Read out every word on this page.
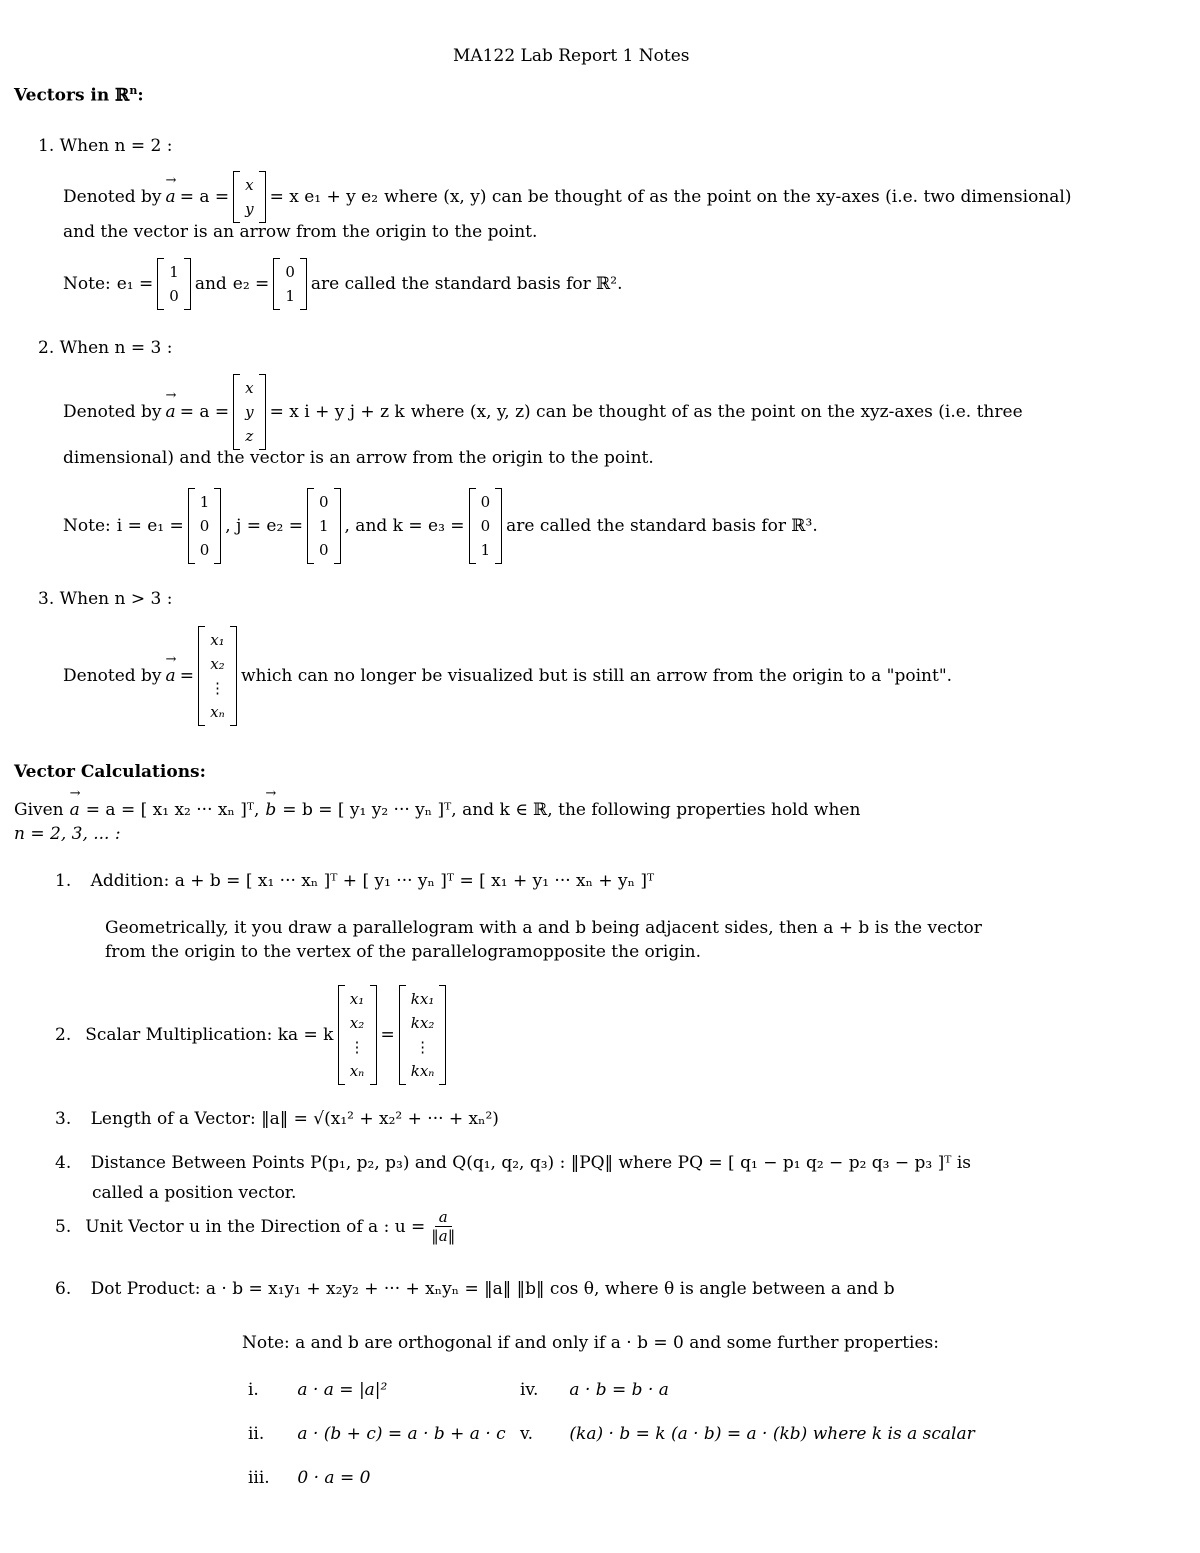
MA122 Lab Report 1 Notes
Vectors in ℝ$^n$:
1. When n = 2 :
Denoted by a → = a =
x
y
= x e₁ + y e₂ where (x, y) can be thought of as the point on the xy-axes (i.e. two dimensional)
and the vector is an arrow from the origin to the point.
Note: e₁ =
1
0
and e₂ =
0
1
are called the standard basis for ℝ².
2. When n = 3 :
Denoted by a → = a =
x
y
z
= x i + y j + z k where (x, y, z) can be thought of as the point on the xyz-axes (i.e. three
dimensional) and the vector is an arrow from the origin to the point.
Note: i = e₁ =
1
0
0
, j = e₂ =
0
1
0
, and k = e₃ =
0
0
1
are called the standard basis for ℝ³.
3. When n > 3 :
Denoted by a → =
x₁
x₂
⋮
xₙ
which can no longer be visualized but is still an arrow from the origin to a "point".
Vector Calculations:
Given a → = a = [ x₁ x₂ ··· xₙ ]ᵀ, b → = b = [ y₁ y₂ ··· yₙ ]ᵀ, and k ∈ ℝ, the following properties hold when
n = 2, 3, ... :
1. Addition: a + b = [ x₁ ··· xₙ ]ᵀ + [ y₁ ··· yₙ ]ᵀ = [ x₁ + y₁ ··· xₙ + yₙ ]ᵀ
Geometrically, it you draw a parallelogram with a and b being adjacent sides, then a + b is the vector
from the origin to the vertex of the parallelogramopposite the origin.
2. Scalar Multiplication: ka = k
x₁
x₂
⋮
xₙ
=
kx₁
kx₂
⋮
kxₙ
3. Length of a Vector: ‖a‖ = √(x₁² + x₂² + ··· + xₙ²)
4. Distance Between Points P(p₁, p₂, p₃) and Q(q₁, q₂, q₃) : ‖PQ‖ where PQ = [ q₁ − p₁ q₂ − p₂ q₃ − p₃ ]ᵀ is
called a position vector.
5. Unit Vector u in the Direction of a : $u = \frac{a}{‖a‖}$
6. Dot Product: a · b = x₁y₁ + x₂y₂ + ··· + xₙyₙ = ‖a‖ ‖b‖ cos θ, where θ is angle between a and b
Note: a and b are orthogonal if and only if a · b = 0 and some further properties:
i. a · a = |a|²	iv. a · b = b · a
ii. a · (b + c) = a · b + a · c v. (ka) · b = k (a · b) = a · (kb) where k is a scalar
iii. 0 · a = 0
